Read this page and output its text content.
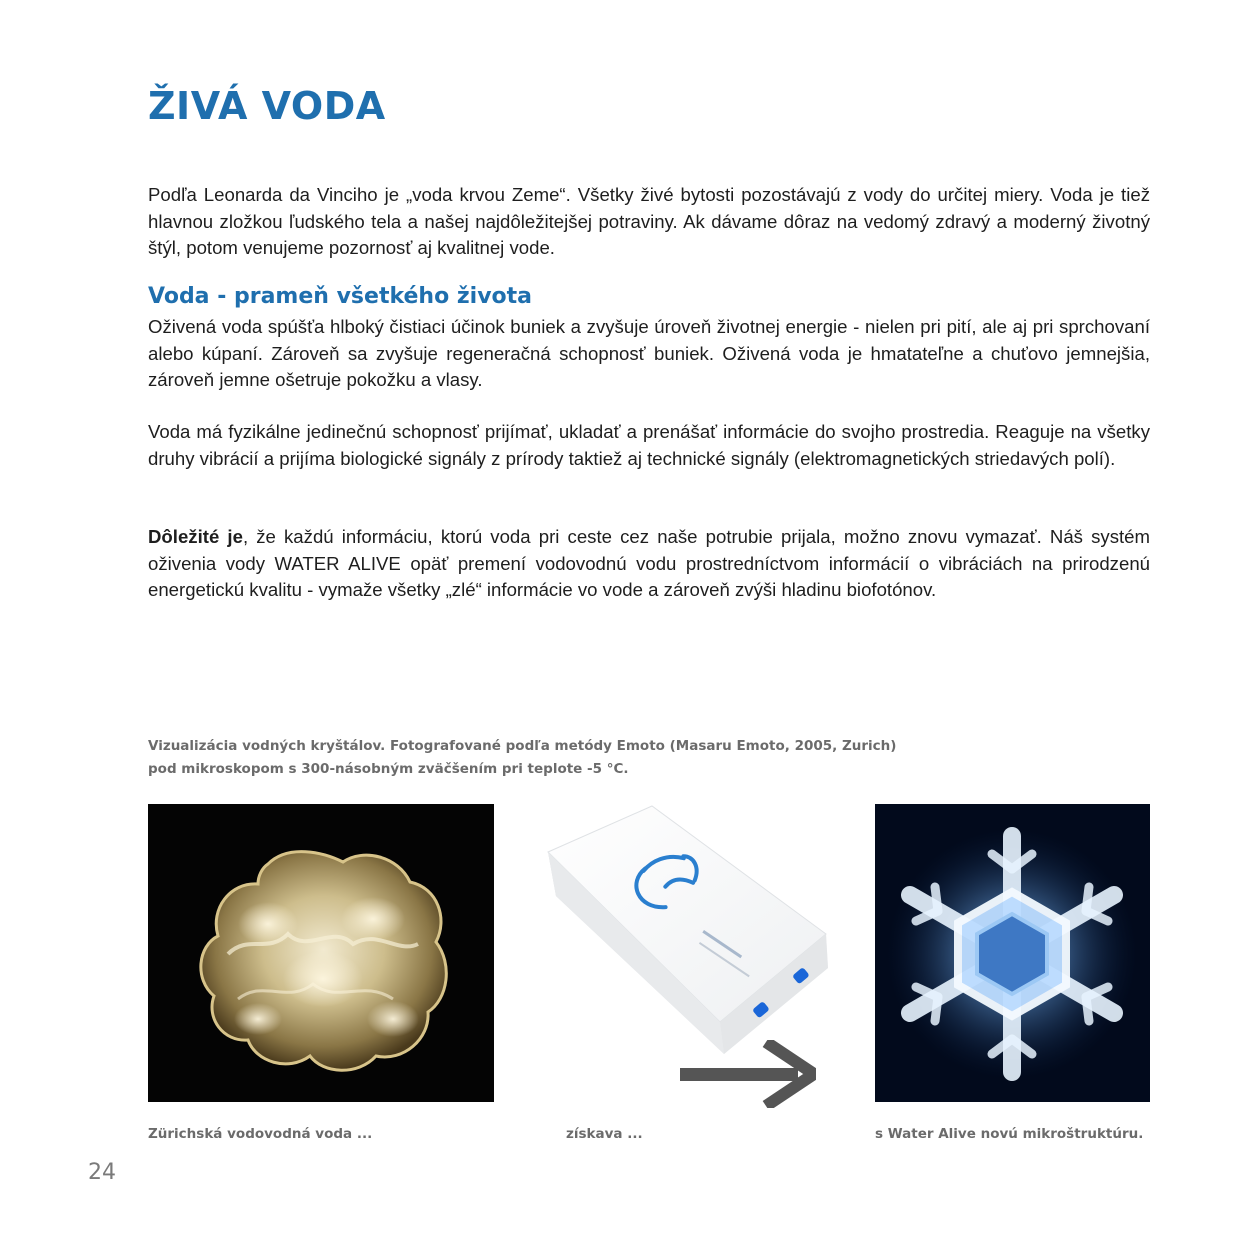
ŽIVÁ VODA

Podľa Leonarda da Vinciho je „voda krvou Zeme“. Všetky živé bytosti pozostávajú z vody do určitej miery. Voda je tiež hlavnou zložkou ľudského tela a našej najdôležitejšej potraviny. Ak dávame dôraz na vedomý zdravý a moderný životný štýl, potom venujeme pozornosť aj kvalitnej vode.

Voda - prameň všetkého života

Oživená voda spúšťa hlboký čistiaci účinok buniek a zvyšuje úroveň životnej energie - nielen pri pití, ale aj pri sprchovaní alebo kúpaní. Zároveň sa zvyšuje regeneračná schopnosť buniek. Oživená voda je hmatateľne a chuťovo jemnejšia, zároveň jemne ošetruje pokožku a vlasy.

Voda má fyzikálne jedinečnú schopnosť prijímať, ukladať a prenášať informácie do svojho prostredia. Reaguje na všetky druhy vibrácií a prijíma biologické signály z prírody taktiež aj technické signály (elektromagnetických striedavých polí).

Dôležité je, že každú informáciu, ktorú voda pri ceste cez naše potrubie prijala, možno znovu vymazať. Náš systém oživenia vody WATER ALIVE opäť premení vodovodnú vodu prostredníctvom informácií o vibráciách na prirodzenú energetickú kvalitu - vymaže všetky „zlé“ informácie vo vode a zároveň zvýši hladinu biofotónov.

Vizualizácia vodných kryštálov. Fotografované podľa metódy Emoto (Masaru Emoto, 2005, Zurich)
pod mikroskopom s 300-násobným zväčšením pri teplote -5 °C.
Zürichská vodovodná voda ...	získava ...	s Water Alive novú mikroštruktúru.
24
